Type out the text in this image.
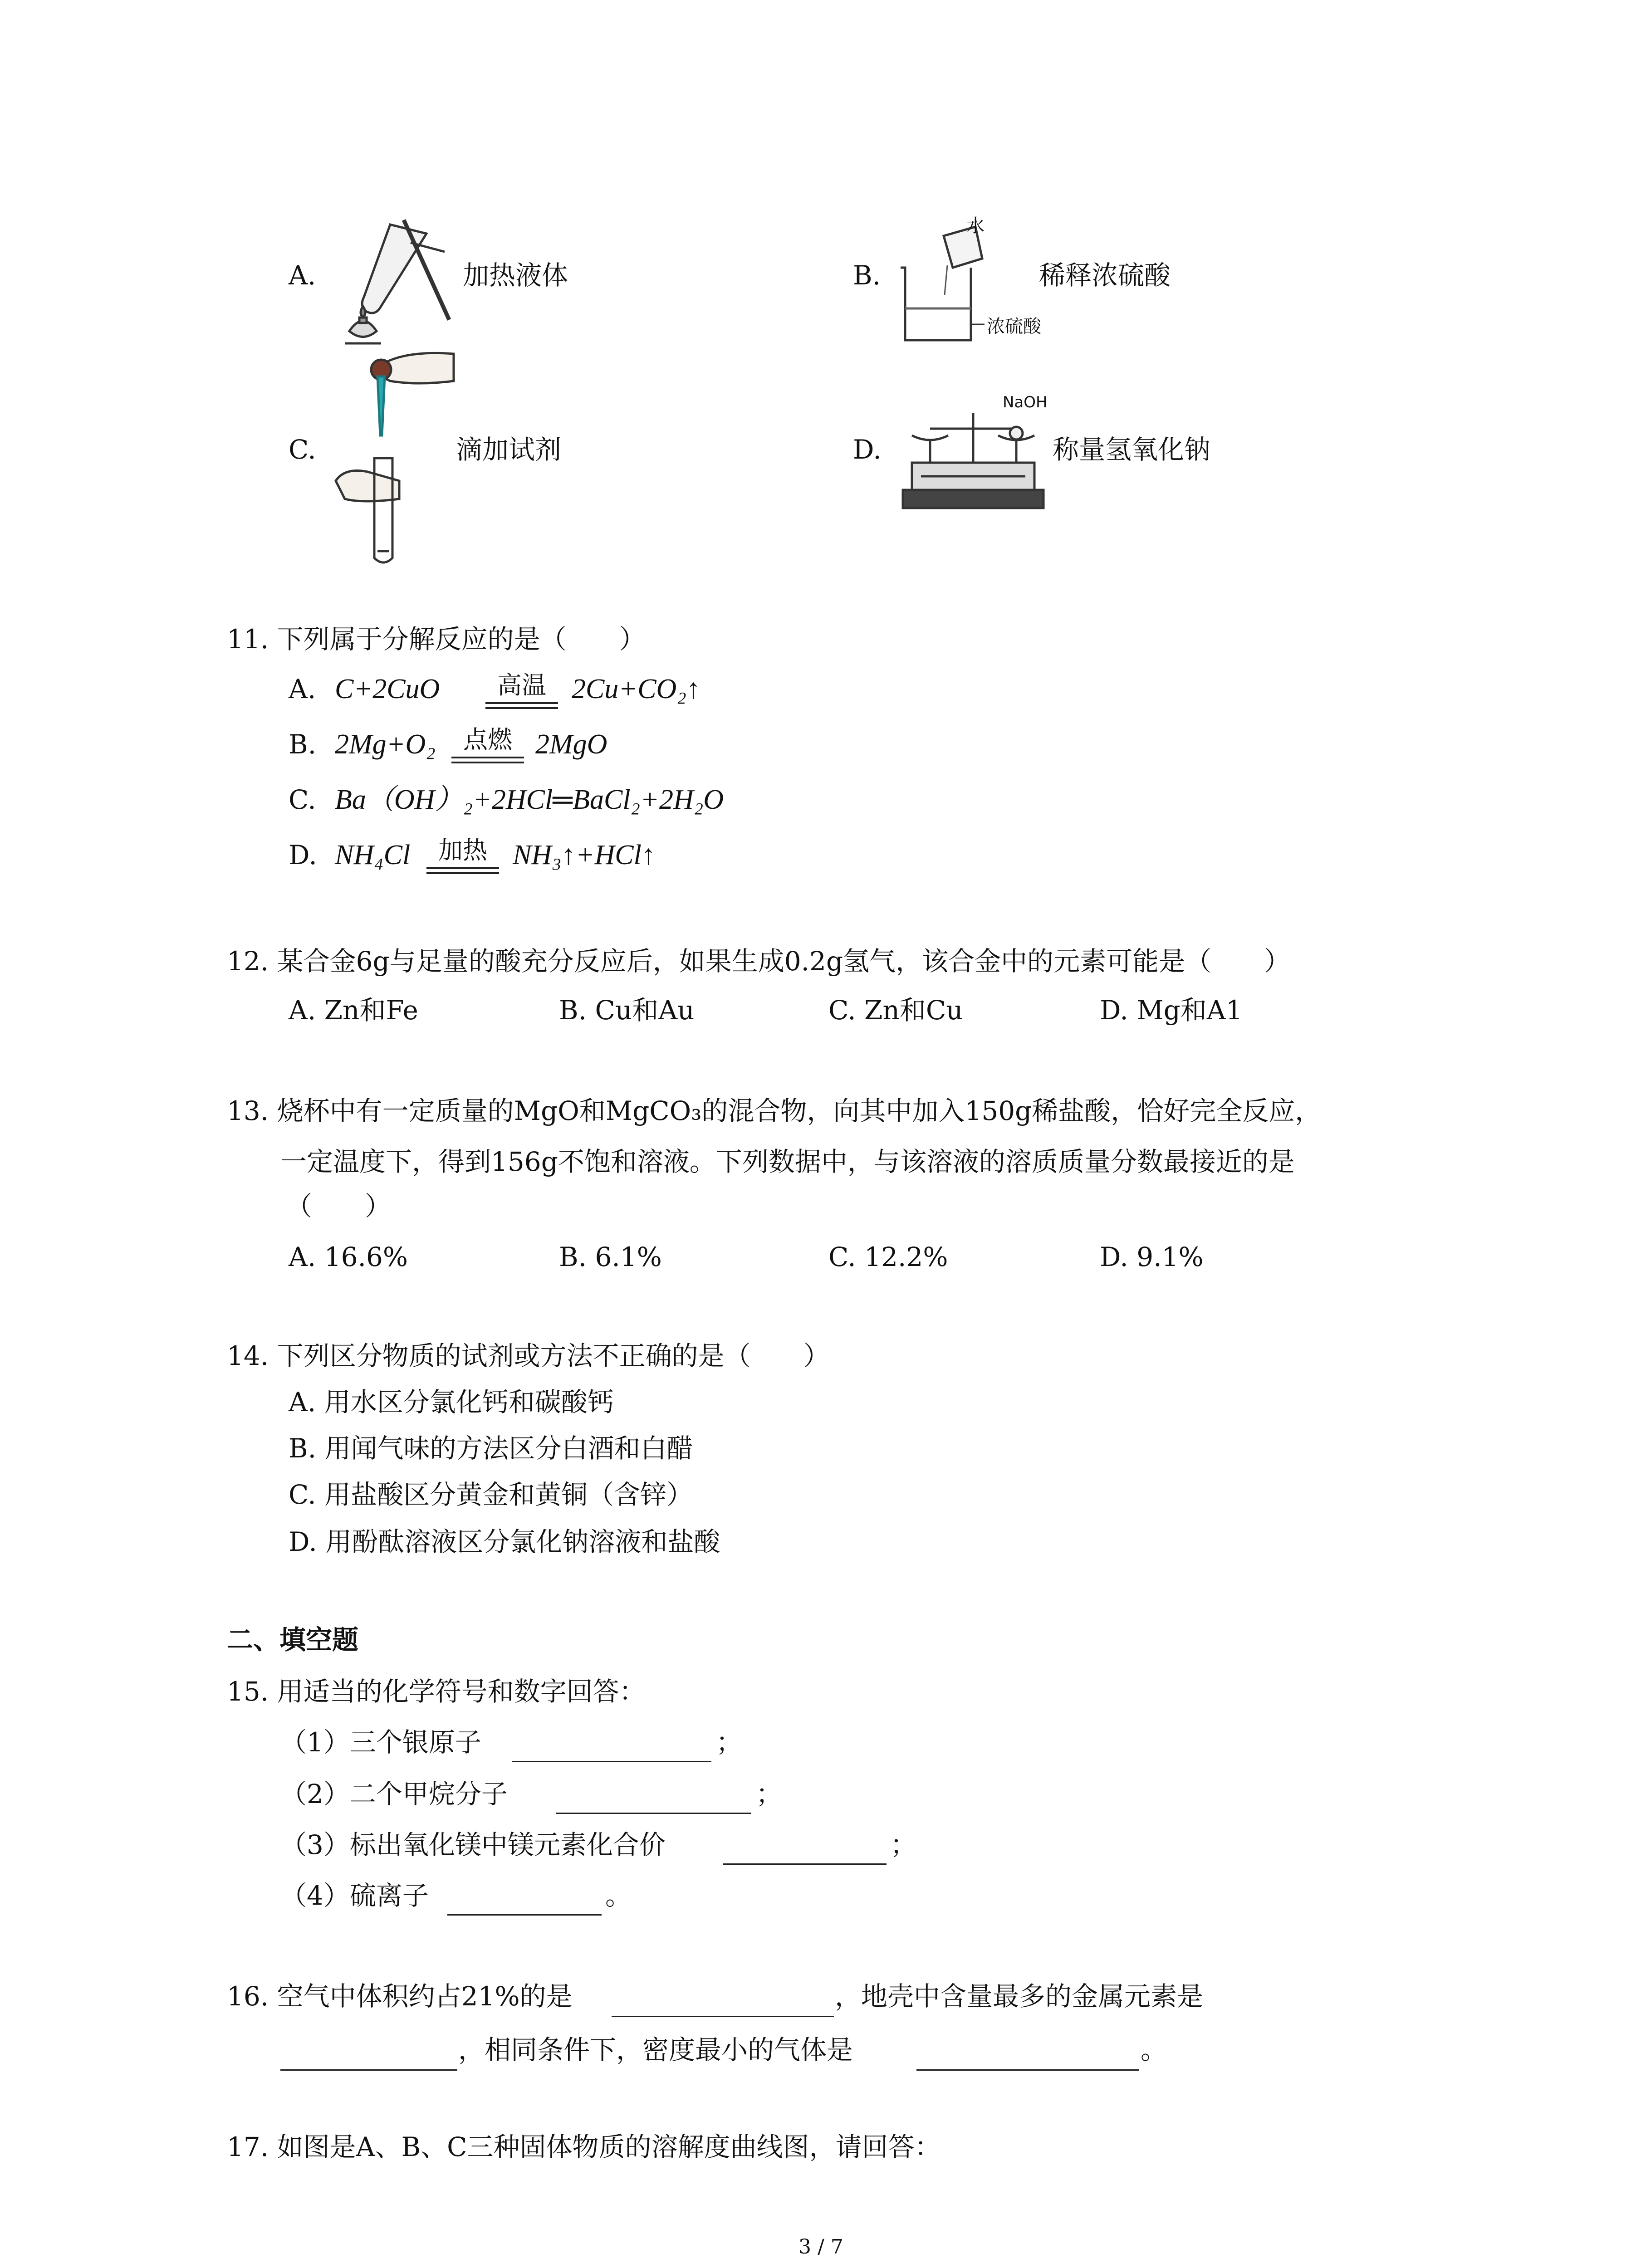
A.	加热液体	B.
水
浓硫酸
稀释浓硫酸
C.	滴加试剂	D.
NaOH
称量氢氧化钠
11. 下列属于分解反应的是（　　）
A. C+2CuO	高温 2Cu+CO₂↑
B. 2Mg+O₂	点燃 2MgO
C. Ba（OH）₂+2HCl═BaCl₂+2H₂O
D. NH₄Cl	加热 NH₃↑+HCl↑
12. 某合金6g与足量的酸充分反应后，如果生成0.2g氢气，该合金中的元素可能是（　　）
A. Zn和Fe	B. Cu和Au	C. Zn和Cu	D. Mg和A1
13. 烧杯中有一定质量的MgO和MgCO₃的混合物，向其中加入150g稀盐酸，恰好完全反应，
一定温度下，得到156g不饱和溶液。下列数据中，与该溶液的溶质质量分数最接近的是
（　　）
A. 16.6%	B. 6.1%	C. 12.2%	D. 9.1%
14. 下列区分物质的试剂或方法不正确的是（　　）
A. 用水区分氯化钙和碳酸钙
B. 用闻气味的方法区分白酒和白醋
C. 用盐酸区分黄金和黄铜（含锌）
D. 用酚酞溶液区分氯化钠溶液和盐酸
二、填空题
15. 用适当的化学符号和数字回答：
（1）三个银原子	；
（2）二个甲烷分子	；
（3）标出氧化镁中镁元素化合价	；
（4）硫离子	。
16. 空气中体积约占21%的是	，地壳中含量最多的金属元素是
，相同条件下，密度最小的气体是	。
17. 如图是A、B、C三种固体物质的溶解度曲线图，请回答：
3 / 7
